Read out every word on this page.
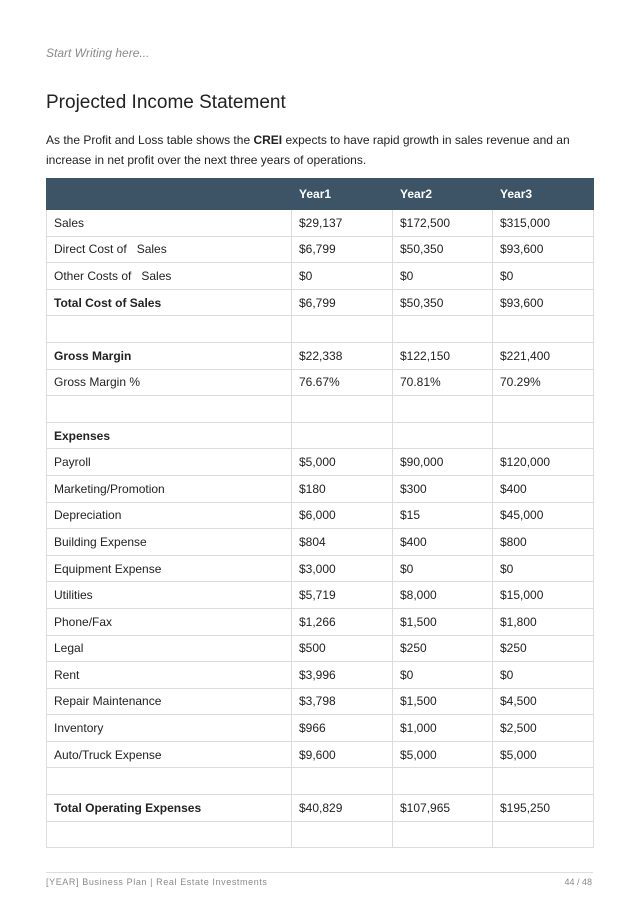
Start Writing here...
Projected Income Statement

As the Profit and Loss table shows the CREI expects to have rapid growth in sales revenue and an increase in net profit over the next three years of operations.

	Year1	Year2	Year3
Sales	$29,137	$172,500	$315,000
Direct Cost of   Sales	$6,799	$50,350	$93,600
Other Costs of   Sales	$0	$0	$0
Total Cost of Sales	$6,799	$50,350	$93,600

Gross Margin	$22,338	$122,150	$221,400
Gross Margin %	76.67%	70.81%	70.29%

Expenses			
Payroll	$5,000	$90,000	$120,000
Marketing/Promotion	$180	$300	$400
Depreciation	$6,000	$15	$45,000
Building Expense	$804	$400	$800
Equipment Expense	$3,000	$0	$0
Utilities	$5,719	$8,000	$15,000
Phone/Fax	$1,266	$1,500	$1,800
Legal	$500	$250	$250
Rent	$3,996	$0	$0
Repair Maintenance	$3,798	$1,500	$4,500
Inventory	$966	$1,000	$2,500
Auto/Truck Expense	$9,600	$5,000	$5,000

Total Operating Expenses	$40,829	$107,965	$195,250

[YEAR] Business Plan | Real Estate Investments	44 / 48
